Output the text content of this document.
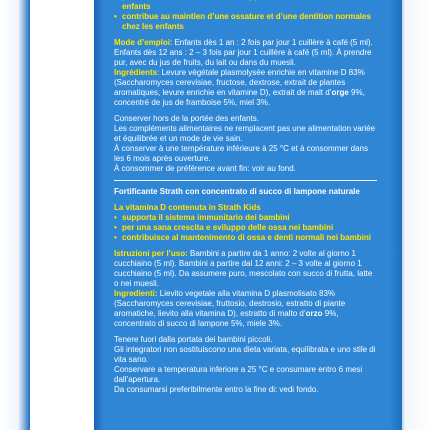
• enfants
• contribue au maintien d’une ossature et d’une dentition normales chez les enfants

Mode d’emploi: Enfants dès 1 an : 2 fois par jour 1 cuillère à café (5 ml). Enfants dès 12 ans : 2 – 3 fois par jour 1 cuillère à café (5 ml). À prendre pur, avec du jus de fruits, du lait ou dans du muesli.

Ingrédients: Levure végétale plasmolysée enrichie en vitamine D 83% (Saccharomyces cerevisiae, fructose, dextrose, extrait de plantes aromatiques, levure enrichie en vitamine D), extrait de malt d’orge 9%, concentré de jus de framboise 5%, miel 3%.

Conserver hors de la portée des enfants.

Les compléments alimentaires ne remplacent pas une alimentation variée et équilibrée et un mode de vie sain.

À conserver à une température inférieure à 25 °C et à consommer dans les 6 mois après ouverture.

À consommer de préférence avant fin: voir au fond.

Fortificante Strath con concentrato di succo di lampone naturale

La vitamina D contenuta in Strath Kids

• supporta il sistema immunitario dei bambini
• per una sana crescita e sviluppo delle ossa nei bambini
• contribuisce al mantenimento di ossa e denti normali nei bambini

Istruzioni per l’uso: Bambini a partire da 1 anno: 2 volte al giorno 1 cucchiaino (5 ml). Bambini a partire dal 12 anni: 2 – 3 volte al giorno 1 cucchiaino (5 ml). Da assumere puro, mescolato con succo di frutta, latte o nei muesli.

Ingredienti: Lievito vegetale alla vitamina D plasmolisato 83% (Saccharomyces cerevisiae, fruttosio, destrosio, estratto di piante aromatiche, lievito alla vitamina D), estratto di malto d’orzo 9%, concentrato di succo di lampone 5%, miele 3%.

Tenere fuori dalla portata dei bambini piccoli.

Gli integratori non sostituiscono una dieta variata, equilibrata e uno stile di vita sano.

Conservare a temperatura inferiore a 25 °C e consumare entro 6 mesi dall’apertura.

Da consumarsi preferibilmente entro la fine di: vedi fondo.
